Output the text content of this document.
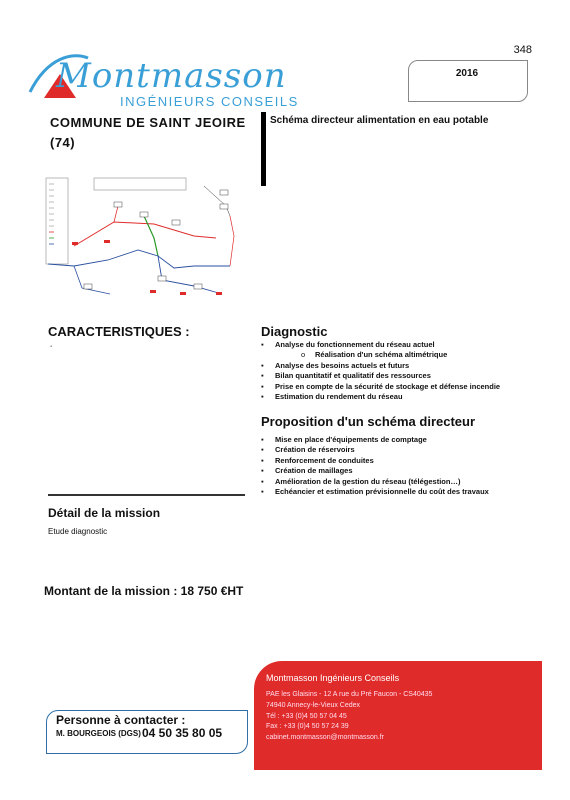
348
Montmasson
INGÉNIEURS CONSEILS
2016
COMMUNE DE SAINT JEOIRE (74)
Schéma directeur alimentation en eau potable
CARACTERISTIQUES :
▪
Détail de la mission
Etude diagnostic
Montant de la mission : 18 750 €HT
Diagnostic
▪ Analyse du fonctionnement du réseau actuel
o Réalisation d'un schéma altimétrique
▪ Analyse des besoins actuels et futurs
▪ Bilan quantitatif et qualitatif des ressources
▪ Prise en compte de la sécurité de stockage et défense incendie
▪ Estimation du rendement du réseau
Proposition d'un schéma directeur
▪ Mise en place d'équipements de comptage
▪ Création de réservoirs
▪ Renforcement de conduites
▪ Création de maillages
▪ Amélioration de la gestion du réseau (télégestion…)
▪ Echéancier et estimation prévisionnelle du coût des travaux
Personne à contacter :
M. BOURGEOIS (DGS) 04 50 35 80 05
Montmasson Ingénieurs Conseils
PAE les Glaisins - 12 A rue du Pré Faucon - CS40435
74940 Annecy-le-Vieux Cedex
Tél : +33 (0)4 50 57 04 45
Fax : +33 (0)4 50 57 24 39
cabinet.montmasson@montmasson.fr
